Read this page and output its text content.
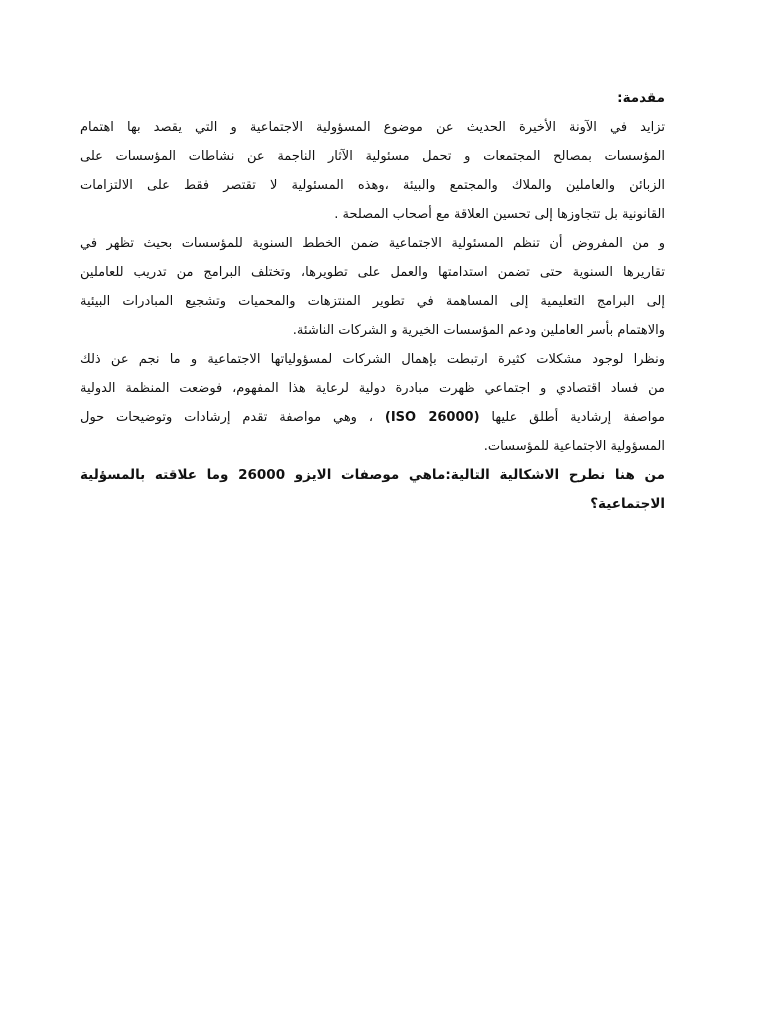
مقدمة:
تزايد في الآونة الأخيرة الحديث عن موضوع المسؤولية الاجتماعية و التي يقصد بها اهتمام
المؤسسات بمصالح المجتمعات و تحمل مسئولية الآثار الناجمة عن نشاطات المؤسسات على
الزبائن والعاملين والملاك والمجتمع والبيئة ،وهذه المسئولية لا تقتصر فقط على الالتزامات
القانونية بل تتجاوزها إلى تحسين العلاقة مع أصحاب المصلحة .
و من المفروض أن تنظم المسئولية الاجتماعية ضمن الخطط السنوية للمؤسسات بحيث تظهر في
تقاريرها السنوية حتى تضمن استدامتها والعمل على تطويرها، وتختلف البرامج من تدريب للعاملين
إلى البرامج التعليمية إلى المساهمة في تطوير المنتزهات والمحميات وتشجيع المبادرات البيئية
والاهتمام بأسر العاملين ودعم المؤسسات الخيرية و الشركات الناشئة.
ونظرا لوجود مشكلات كثيرة ارتبطت بإهمال الشركات لمسؤولياتها الاجتماعية و ما نجم عن ذلك
من فساد اقتصادي و اجتماعي ظهرت مبادرة دولية لرعاية هذا المفهوم، فوضعت المنظمة الدولية
مواصفة إرشادية أطلق عليها (ISO 26000) ، وهي مواصفة تقدم إرشادات وتوضيحات حول
المسؤولية الاجتماعية للمؤسسات.
من هنا نطرح الاشكالية التالية:ماهي موصفات الايزو 26000 وما علاقته بالمسؤلية
الاجتماعية؟
